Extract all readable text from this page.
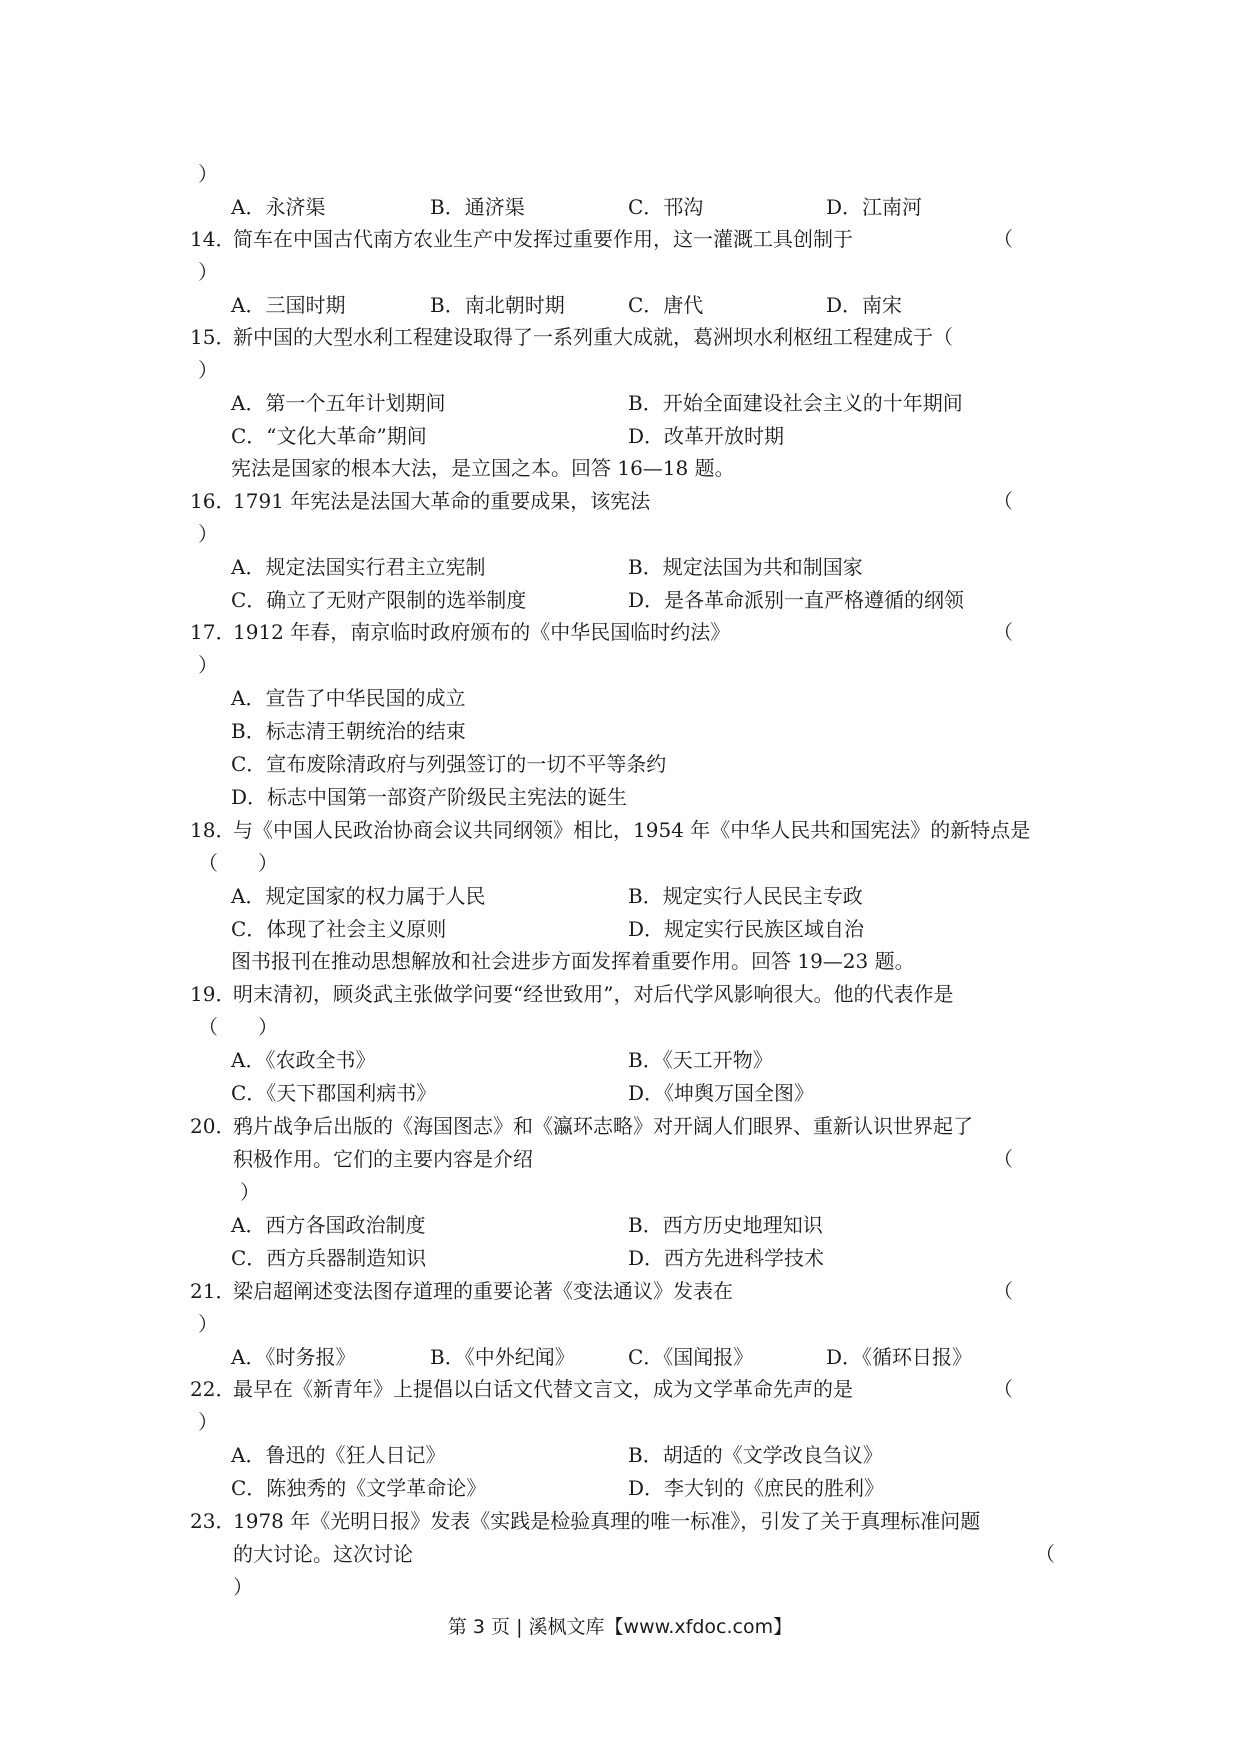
）
A．永济渠	B．通济渠	C．邗沟	D．江南河
14．
简车在中国古代南方农业生产中发挥过重要作用，这一灌溉工具创制于	（
）
A．三国时期	B．南北朝时期	C．唐代	D．南宋
15．
新中国的大型水利工程建设取得了一系列重大成就，葛洲坝水利枢纽工程建成于（
）
A．第一个五年计划期间	B．开始全面建设社会主义的十年期间
C．“文化大革命”期间	D．改革开放时期
宪法是国家的根本大法，是立国之本。回答 16—18 题。
16．
1791 年宪法是法国大革命的重要成果，该宪法	（
）
A．规定法国实行君主立宪制	B．规定法国为共和制国家
C．确立了无财产限制的选举制度	D．是各革命派别一直严格遵循的纲领
17．
1912 年春，南京临时政府颁布的《中华民国临时约法》	（
）
A．宣告了中华民国的成立
B．标志清王朝统治的结束
C．宣布废除清政府与列强签订的一切不平等条约
D．标志中国第一部资产阶级民主宪法的诞生
18．
与《中国人民政治协商会议共同纲领》相比，1954 年《中华人民共和国宪法》的新特点是
（　　）
A．规定国家的权力属于人民	B．规定实行人民民主专政
C．体现了社会主义原则	D．规定实行民族区域自治
图书报刊在推动思想解放和社会进步方面发挥着重要作用。回答 19—23 题。
19．
明末清初，顾炎武主张做学问要“经世致用”，对后代学风影响很大。他的代表作是
（　　）
A．《农政全书》	B．《天工开物》
C．《天下郡国利病书》	D．《坤舆万国全图》
20．
鸦片战争后出版的《海国图志》和《瀛环志略》对开阔人们眼界、重新认识世界起了
积极作用。它们的主要内容是介绍	（
）
A．西方各国政治制度	B．西方历史地理知识
C．西方兵器制造知识	D．西方先进科学技术
21．
梁启超阐述变法图存道理的重要论著《变法通议》发表在	（
）
A．《时务报》	B．《中外纪闻》	C．《国闻报》	D．《循环日报》
22．
最早在《新青年》上提倡以白话文代替文言文，成为文学革命先声的是	（
）
A．鲁迅的《狂人日记》	B．胡适的《文学改良刍议》
C．陈独秀的《文学革命论》	D．李大钊的《庶民的胜利》
23．
1978 年《光明日报》发表《实践是检验真理的唯一标准》，引发了关于真理标准问题
的大讨论。这次讨论	（
）
第 3 页 | 溪枫文库【www.xfdoc.com】
